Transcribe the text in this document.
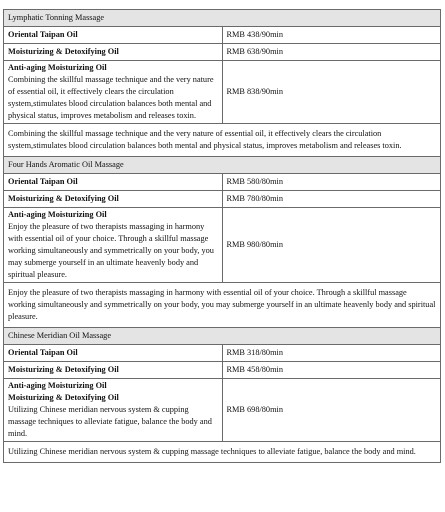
Lymphatic Tonning Massage	

Oriental Taipan Oil	RMB 438/90min

Moisturizing & Detoxifying Oil	RMB 638/90min

Anti-aging Moisturizing Oil
Combining the skillful massage technique and the very nature of essential oil, it effectively clears the circulation system,stimulates blood circulation balances both mental and physical status, improves metabolism and releases toxin.	RMB 838/90min
Combining the skillful massage technique and the very nature of essential oil, it effectively clears the circulation system,stimulates blood circulation balances both mental and physical status, improves metabolism and releases toxin.	
Four Hands Aromatic Oil Massage	

Oriental Taipan Oil	RMB 580/80min

Moisturizing & Detoxifying Oil	RMB 780/80min

Anti-aging Moisturizing Oil
Enjoy the pleasure of two therapists massaging in harmony with essential oil of your choice. Through a skillful massage working simultaneously and symmetrically on your body, you may submerge yourself in an ultimate heavenly body and spiritual pleasure.	RMB 980/80min
Enjoy the pleasure of two therapists massaging in harmony with essential oil of your choice. Through a skillful massage working simultaneously and symmetrically on your body, you may submerge yourself in an ultimate heavenly body and spiritual pleasure.	
Chinese Meridian Oil Massage	

Oriental Taipan Oil	RMB 318/80min

Moisturizing & Detoxifying Oil	RMB 458/80min

Anti-aging Moisturizing Oil
Moisturizing & Detoxifying Oil
Utilizing Chinese meridian nervous system & cupping massage techniques to alleviate fatigue, balance the body and mind.	RMB 698/80min
Utilizing Chinese meridian nervous system & cupping massage techniques to alleviate fatigue, balance the body and mind.	
